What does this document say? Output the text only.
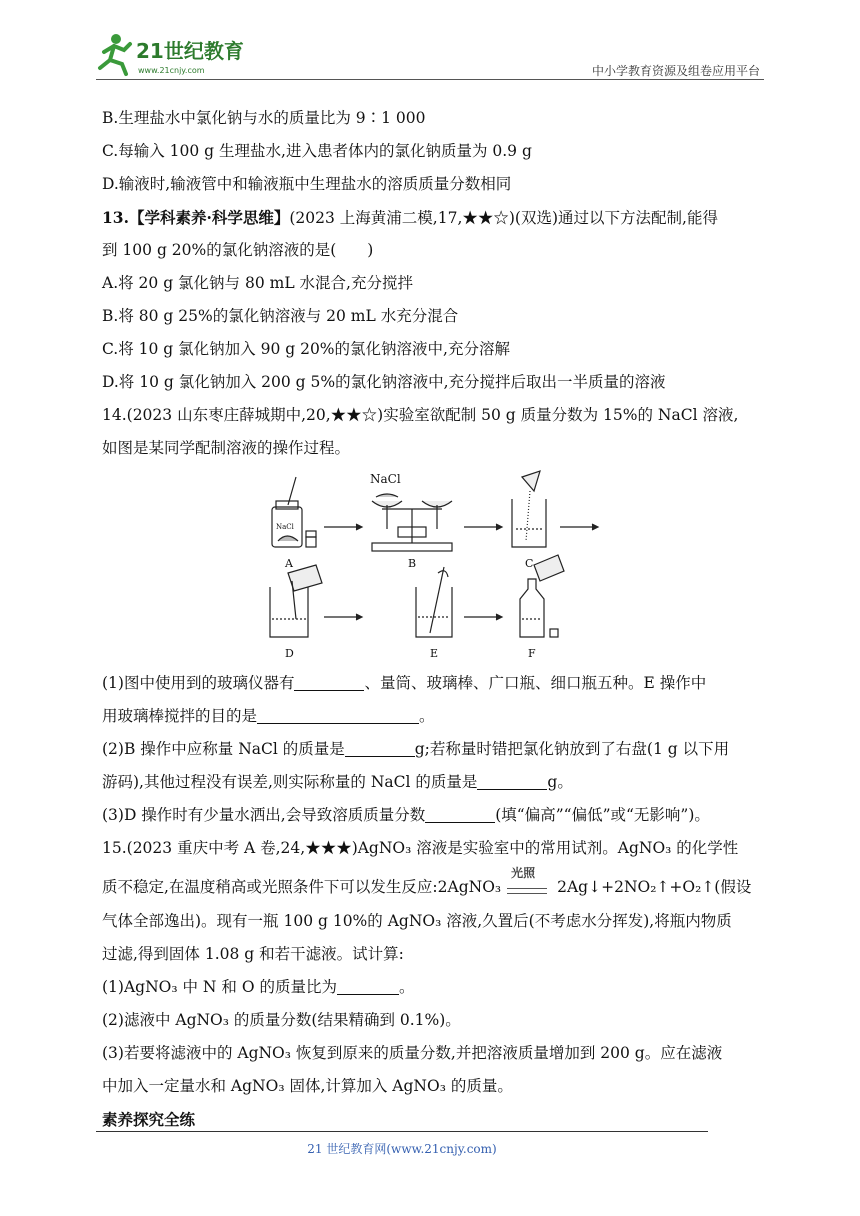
21世纪教育
www.21cnjy.com	中小学教育资源及组卷应用平台
B.生理盐水中氯化钠与水的质量比为 9∶1 000
C.每输入 100 g 生理盐水,进入患者体内的氯化钠质量为 0.9 g
D.输液时,输液管中和输液瓶中生理盐水的溶质质量分数相同
13.【学科素养·科学思维】(2023 上海黄浦二模,17,★★☆)(双选)通过以下方法配制,能得
到 100 g 20%的氯化钠溶液的是(　　)
A.将 20 g 氯化钠与 80 mL 水混合,充分搅拌
B.将 80 g 25%的氯化钠溶液与 20 mL 水充分混合
C.将 10 g 氯化钠加入 90 g 20%的氯化钠溶液中,充分溶解
D.将 10 g 氯化钠加入 200 g 5%的氯化钠溶液中,充分搅拌后取出一半质量的溶液
14.(2023 山东枣庄薛城期中,20,★★☆)实验室欲配制 50 g 质量分数为 15%的 NaCl 溶液,
如图是某同学配制溶液的操作过程。
NaCl
NaCl
A	B	C
D	E	F
(1)图中使用到的玻璃仪器有	、量筒、玻璃棒、广口瓶、细口瓶五种。E 操作中
用玻璃棒搅拌的目的是	。
(2)B 操作中应称量 NaCl 的质量是	g;若称量时错把氯化钠放到了右盘(1 g 以下用
游码),其他过程没有误差,则实际称量的 NaCl 的质量是	g。
(3)D 操作时有少量水洒出,会导致溶质质量分数	(填“偏高”“偏低”或“无影响”)。
15.(2023 重庆中考 A 卷,24,★★★)AgNO₃ 溶液是实验室中的常用试剂。AgNO₃ 的化学性
质不稳定,在温度稍高或光照条件下可以发生反应:2AgNO₃
光照
2Ag↓+2NO₂↑+O₂↑(假设
气体全部逸出)。现有一瓶 100 g 10%的 AgNO₃ 溶液,久置后(不考虑水分挥发),将瓶内物质
过滤,得到固体 1.08 g 和若干滤液。试计算:
(1)AgNO₃ 中 N 和 O 的质量比为	。
(2)滤液中 AgNO₃ 的质量分数(结果精确到 0.1%)。
(3)若要将滤液中的 AgNO₃ 恢复到原来的质量分数,并把溶液质量增加到 200 g。应在滤液
中加入一定量水和 AgNO₃ 固体,计算加入 AgNO₃ 的质量。
素养探究全练
21 世纪教育网(www.21cnjy.com)
